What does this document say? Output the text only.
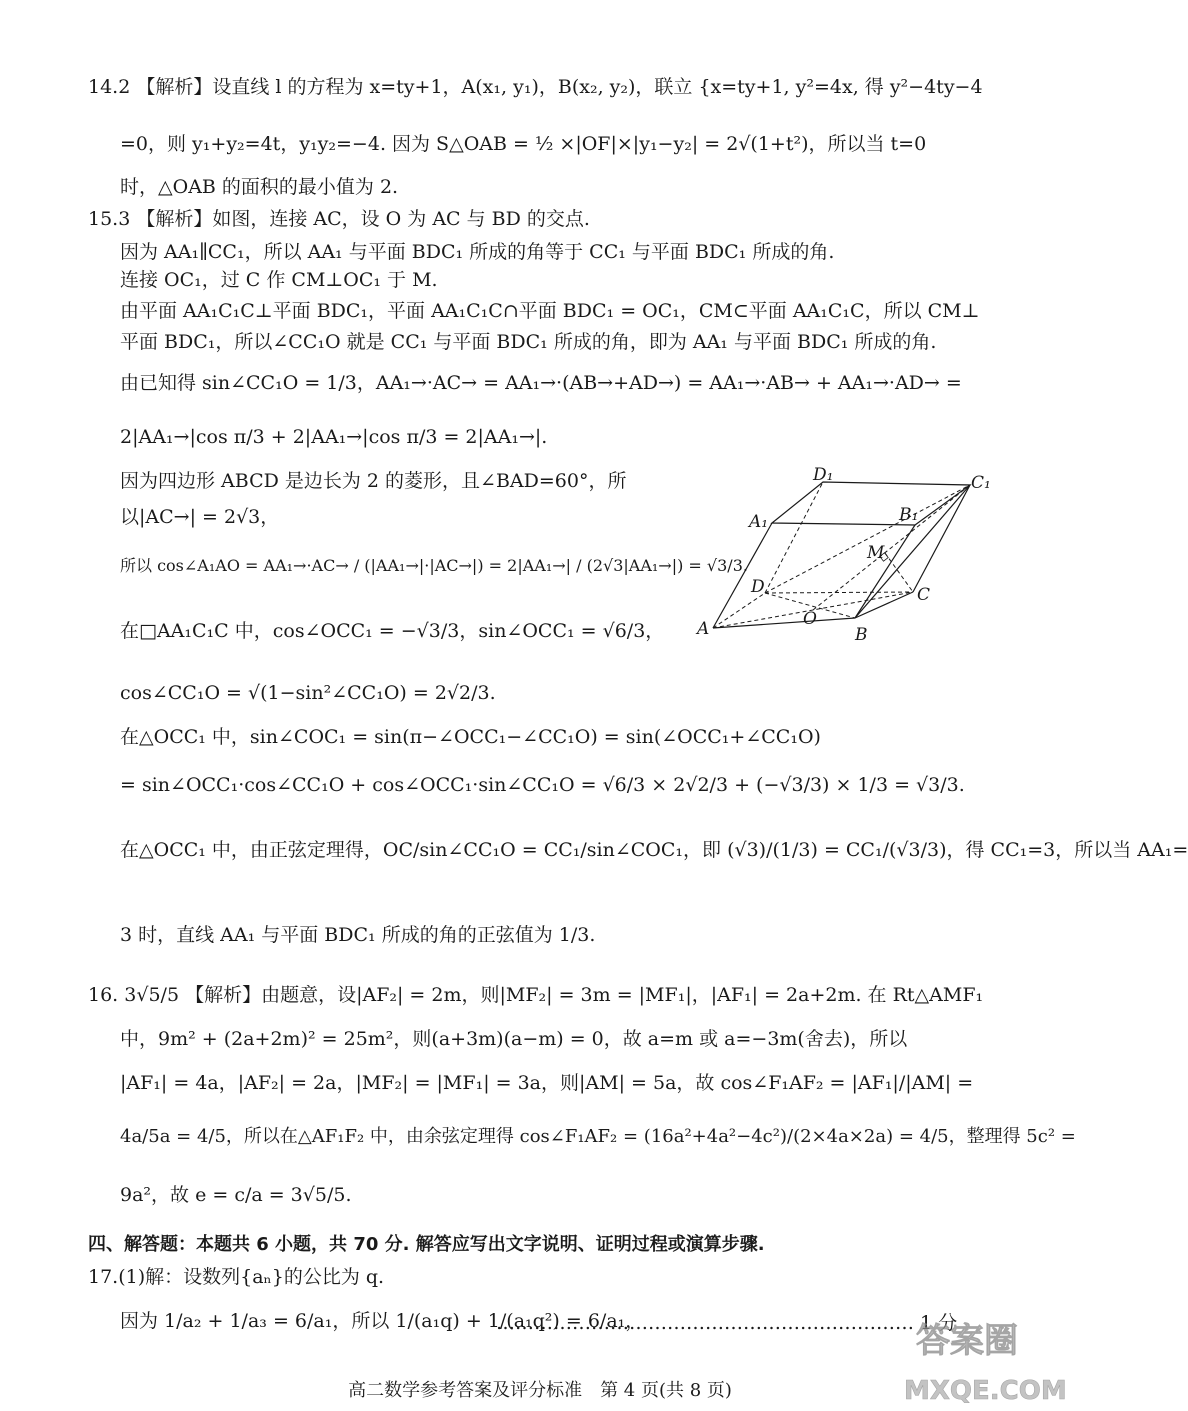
14.2 【解析】设直线 l 的方程为 x=ty+1，A(x₁, y₁)，B(x₂, y₂)，联立 {x=ty+1, y²=4x, 得 y²−4ty−4
=0，则 y₁+y₂=4t，y₁y₂=−4. 因为 S△OAB = ½ ×|OF|×|y₁−y₂| = 2√(1+t²)，所以当 t=0
时，△OAB 的面积的最小值为 2.
15.3 【解析】如图，连接 AC，设 O 为 AC 与 BD 的交点.
因为 AA₁∥CC₁，所以 AA₁ 与平面 BDC₁ 所成的角等于 CC₁ 与平面 BDC₁ 所成的角.
连接 OC₁，过 C 作 CM⊥OC₁ 于 M.
由平面 AA₁C₁C⊥平面 BDC₁，平面 AA₁C₁C∩平面 BDC₁ = OC₁，CM⊂平面 AA₁C₁C，所以 CM⊥
平面 BDC₁，所以∠CC₁O 就是 CC₁ 与平面 BDC₁ 所成的角，即为 AA₁ 与平面 BDC₁ 所成的角.
由已知得 sin∠CC₁O = 1/3，AA₁→·AC→ = AA₁→·(AB→+AD→) = AA₁→·AB→ + AA₁→·AD→ =
2|AA₁→|cos π/3 + 2|AA₁→|cos π/3 = 2|AA₁→|.
因为四边形 ABCD 是边长为 2 的菱形，且∠BAD=60°，所
以|AC→| = 2√3，
所以 cos∠A₁AO = AA₁→·AC→ / (|AA₁→|·|AC→|) = 2|AA₁→| / (2√3|AA₁→|) = √3/3.
在□AA₁C₁C 中，cos∠OCC₁ = −√3/3，sin∠OCC₁ = √6/3，
cos∠CC₁O = √(1−sin²∠CC₁O) = 2√2/3.
在△OCC₁ 中，sin∠COC₁ = sin(π−∠OCC₁−∠CC₁O) = sin(∠OCC₁+∠CC₁O)
= sin∠OCC₁·cos∠CC₁O + cos∠OCC₁·sin∠CC₁O = √6/3 × 2√2/3 + (−√3/3) × 1/3 = √3/3.
在△OCC₁ 中，由正弦定理得，OC/sin∠CC₁O = CC₁/sin∠COC₁，即 (√3)/(1/3) = CC₁/(√3/3)，得 CC₁=3，所以当 AA₁=
3 时，直线 AA₁ 与平面 BDC₁ 所成的角的正弦值为 1/3.
D₁	C₁
A₁	B₁
M
D	C
O
A	B
16. 3√5/5 【解析】由题意，设|AF₂| = 2m，则|MF₂| = 3m = |MF₁|，|AF₁| = 2a+2m. 在 Rt△AMF₁
中，9m² + (2a+2m)² = 25m²，则(a+3m)(a−m) = 0，故 a=m 或 a=−3m(舍去)，所以
|AF₁| = 4a，|AF₂| = 2a，|MF₂| = |MF₁| = 3a，则|AM| = 5a，故 cos∠F₁AF₂ = |AF₁|/|AM| =
4a/5a = 4/5，所以在△AF₁F₂ 中，由余弦定理得 cos∠F₁AF₂ = (16a²+4a²−4c²)/(2×4a×2a) = 4/5，整理得 5c² =
9a²，故 e = c/a = 3√5/5.
四、解答题：本题共 6 小题，共 70 分. 解答应写出文字说明、证明过程或演算步骤.
17.(1)解：设数列{aₙ}的公比为 q.
因为 1/a₂ + 1/a₃ = 6/a₁，所以 1/(a₁q) + 1/(a₁q²) = 6/a₁，
………………………………………………………… 1 分
高二数学参考答案及评分标准　第 4 页(共 8 页)
答案圈
MXQE.COM
